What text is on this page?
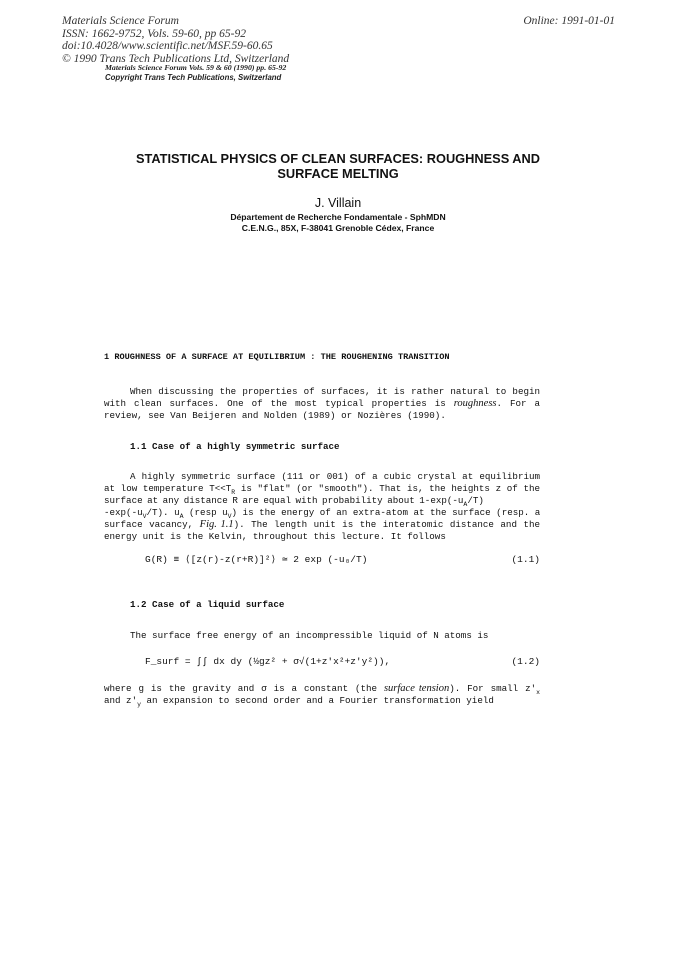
Materials Science Forum
ISSN: 1662-9752, Vols. 59-60, pp 65-92
doi:10.4028/www.scientific.net/MSF.59-60.65
© 1990 Trans Tech Publications Ltd, Switzerland
Online: 1991-01-01
Materials Science Forum Vols. 59 & 60 (1990) pp. 65-92
Copyright Trans Tech Publications, Switzerland
STATISTICAL PHYSICS OF CLEAN SURFACES: ROUGHNESS AND
SURFACE MELTING
J. Villain
Département de Recherche Fondamentale - SphMDN
C.E.N.G., 85X, F-38041 Grenoble Cédex, France
1 ROUGHNESS OF A SURFACE AT EQUILIBRIUM : THE ROUGHENING TRANSITION
When discussing the properties of surfaces, it is rather natural to begin
with clean surfaces. One of the most typical properties is roughness. For a
review, see Van Beijeren and Nolden (1989) or Nozières (1990).
1.1 Case of a highly symmetric surface
A highly symmetric surface (111 or 001) of a cubic crystal at equilibrium
at low temperature $T<<T_R$ is "flat" (or "smooth"). That is, the heights z of the
surface at any distance R are equal with probability about $1-\exp(-u_A/T)$
$-\exp(-u_V/T)$. $u_A$ (resp $u_V$) is the energy of an extra-atom at the surface (resp. a
surface vacancy, Fig. 1.1). The length unit is the interatomic distance and the
energy unit is the Kelvin, throughout this lecture. It follows
G(R) ≡ ⟨[z(r)-z(r+R)]²⟩ ≃ 2 exp (-u₀/T)	(1.1)
1.2 Case of a liquid surface
The surface free energy of an incompressible liquid of N atoms is
F_surf = ∫∫ dx dy (½gz² + σ√(1+z'x²+z'y²)),	(1.2)
where g is the gravity and σ is a constant (the surface tension). For small $z'_x$
and $z'_y$ an expansion to second order and a Fourier transformation yield
